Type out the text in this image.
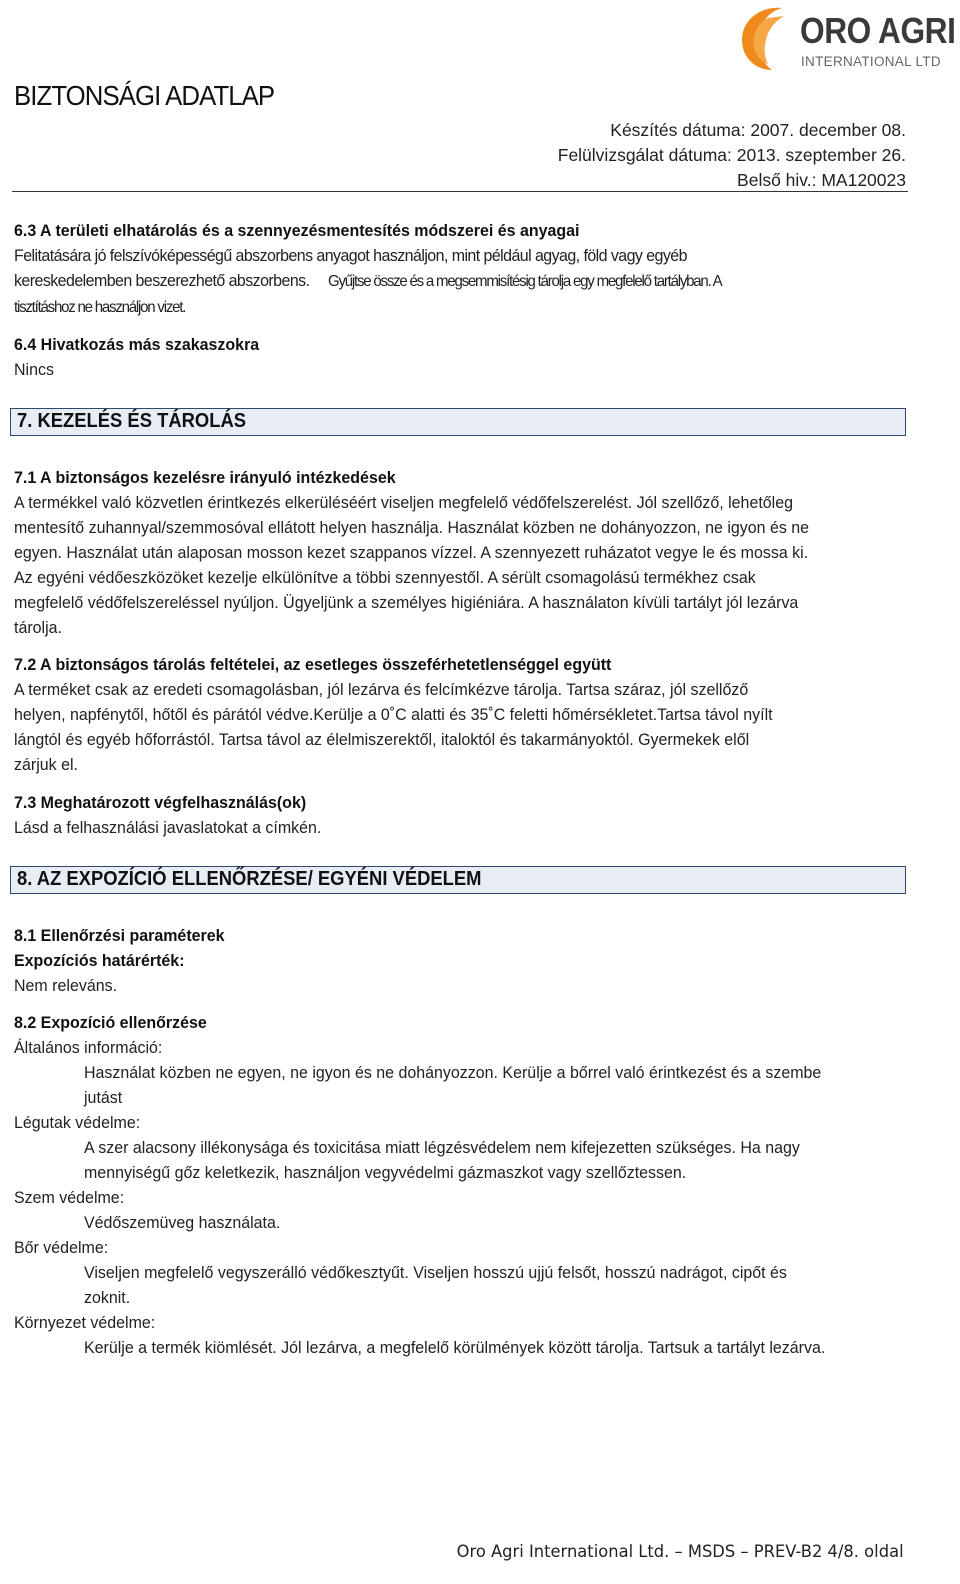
ORO AGRI
INTERNATIONAL LTD
BIZTONSÁGI ADATLAP
Készítés dátuma: 2007. december 08.
Felülvizsgálat dátuma: 2013. szeptember 26.
Belső hiv.: MA120023
6.3 A területi elhatárolás és a szennyezésmentesítés módszerei és anyagai
Felitatására jó felszívóképességű abszorbens anyagot használjon, mint például agyag, föld vagy egyéb
kereskedelemben beszerezhető abszorbens. Gyűjtse össze és a megsemmisítésig tárolja egy megfelelő tartályban. A
tisztításhoz ne használjon vizet.
6.4 Hivatkozás más szakaszokra
Nincs
7. KEZELÉS ÉS TÁROLÁS
7.1 A biztonságos kezelésre irányuló intézkedések
A termékkel való közvetlen érintkezés elkerüléséért viseljen megfelelő védőfelszerelést. Jól szellőző, lehetőleg
mentesítő zuhannyal/szemmosóval ellátott helyen használja. Használat közben ne dohányozzon, ne igyon és ne
egyen. Használat után alaposan mosson kezet szappanos vízzel. A szennyezett ruházatot vegye le és mossa ki.
Az egyéni védőeszközöket kezelje elkülönítve a többi szennyestől. A sérült csomagolású termékhez csak
megfelelő védőfelszereléssel nyúljon. Ügyeljünk a személyes higiéniára. A használaton kívüli tartályt jól lezárva
tárolja.
7.2 A biztonságos tárolás feltételei, az esetleges összeférhetetlenséggel együtt
A terméket csak az eredeti csomagolásban, jól lezárva és felcímkézve tárolja. Tartsa száraz, jól szellőző
helyen, napfénytől, hőtől és párától védve.Kerülje a 0˚C alatti és 35˚C feletti hőmérsékletet.Tartsa távol nyílt
lángtól és egyéb hőforrástól. Tartsa távol az élelmiszerektől, italoktól és takarmányoktól. Gyermekek elől
zárjuk el.
7.3 Meghatározott végfelhasználás(ok)
Lásd a felhasználási javaslatokat a címkén.
8. AZ EXPOZÍCIÓ ELLENŐRZÉSE/ EGYÉNI VÉDELEM
8.1 Ellenőrzési paraméterek
Expozíciós határérték:
Nem releváns.
8.2 Expozíció ellenőrzése
Általános információ:
Használat közben ne egyen, ne igyon és ne dohányozzon. Kerülje a bőrrel való érintkezést és a szembe
jutást
Légutak védelme:
A szer alacsony illékonysága és toxicitása miatt légzésvédelem nem kifejezetten szükséges. Ha nagy
mennyiségű gőz keletkezik, használjon vegyvédelmi gázmaszkot vagy szellőztessen.
Szem védelme:
Védőszemüveg használata.
Bőr védelme:
Viseljen megfelelő vegyszerálló védőkesztyűt. Viseljen hosszú ujjú felsőt, hosszú nadrágot, cipőt és
zoknit.
Környezet védelme:
Kerülje a termék kiömlését. Jól lezárva, a megfelelő körülmények között tárolja. Tartsuk a tartályt lezárva.
Oro Agri International Ltd. – MSDS – PREV-B2 4/8. oldal
